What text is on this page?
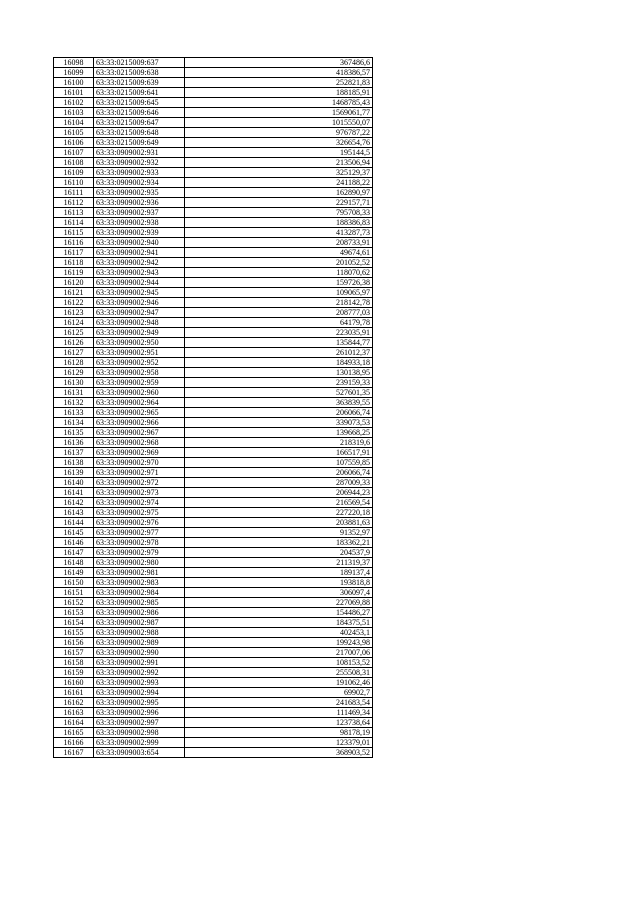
16098	63:33:0215009:637	367486,6
16099	63:33:0215009:638	418386,57
16100	63:33:0215009:639	252821,83
16101	63:33:0215009:641	188185,91
16102	63:33:0215009:645	1468785,43
16103	63:33:0215009:646	1569061,77
16104	63:33:0215009:647	1015550,07
16105	63:33:0215009:648	976787,22
16106	63:33:0215009:649	326654,76
16107	63:33:0909002:931	195144,5
16108	63:33:0909002:932	213506,94
16109	63:33:0909002:933	325129,37
16110	63:33:0909002:934	241188,22
16111	63:33:0909002:935	162890,97
16112	63:33:0909002:936	229157,71
16113	63:33:0909002:937	795708,33
16114	63:33:0909002:938	188386,83
16115	63:33:0909002:939	413287,73
16116	63:33:0909002:940	208733,91
16117	63:33:0909002:941	49674,61
16118	63:33:0909002:942	201052,52
16119	63:33:0909002:943	118070,62
16120	63:33:0909002:944	159726,38
16121	63:33:0909002:945	109065,97
16122	63:33:0909002:946	218142,78
16123	63:33:0909002:947	208777,03
16124	63:33:0909002:948	64179,78
16125	63:33:0909002:949	223035,91
16126	63:33:0909002:950	135844,77
16127	63:33:0909002:951	261012,37
16128	63:33:0909002:952	184933,18
16129	63:33:0909002:958	130138,95
16130	63:33:0909002:959	239159,33
16131	63:33:0909002:960	527601,35
16132	63:33:0909002:964	363839,55
16133	63:33:0909002:965	206066,74
16134	63:33:0909002:966	339073,53
16135	63:33:0909002:967	139668,25
16136	63:33:0909002:968	218319,6
16137	63:33:0909002:969	166517,91
16138	63:33:0909002:970	107559,85
16139	63:33:0909002:971	206066,74
16140	63:33:0909002:972	287009,33
16141	63:33:0909002:973	206944,23
16142	63:33:0909002:974	216569,54
16143	63:33:0909002:975	227220,18
16144	63:33:0909002:976	203881,63
16145	63:33:0909002:977	91352,97
16146	63:33:0909002:978	183362,21
16147	63:33:0909002:979	204537,9
16148	63:33:0909002:980	211319,37
16149	63:33:0909002:981	189137,4
16150	63:33:0909002:983	193818,8
16151	63:33:0909002:984	306097,4
16152	63:33:0909002:985	227069,88
16153	63:33:0909002:986	154486,27
16154	63:33:0909002:987	184375,51
16155	63:33:0909002:988	402453,1
16156	63:33:0909002:989	199243,98
16157	63:33:0909002:990	217007,06
16158	63:33:0909002:991	108153,52
16159	63:33:0909002:992	255508,31
16160	63:33:0909002:993	191062,46
16161	63:33:0909002:994	69902,7
16162	63:33:0909002:995	241683,54
16163	63:33:0909002:996	111469,34
16164	63:33:0909002:997	123738,64
16165	63:33:0909002:998	98178,19
16166	63:33:0909002:999	123379,01
16167	63:33:0909003:654	368903,52
